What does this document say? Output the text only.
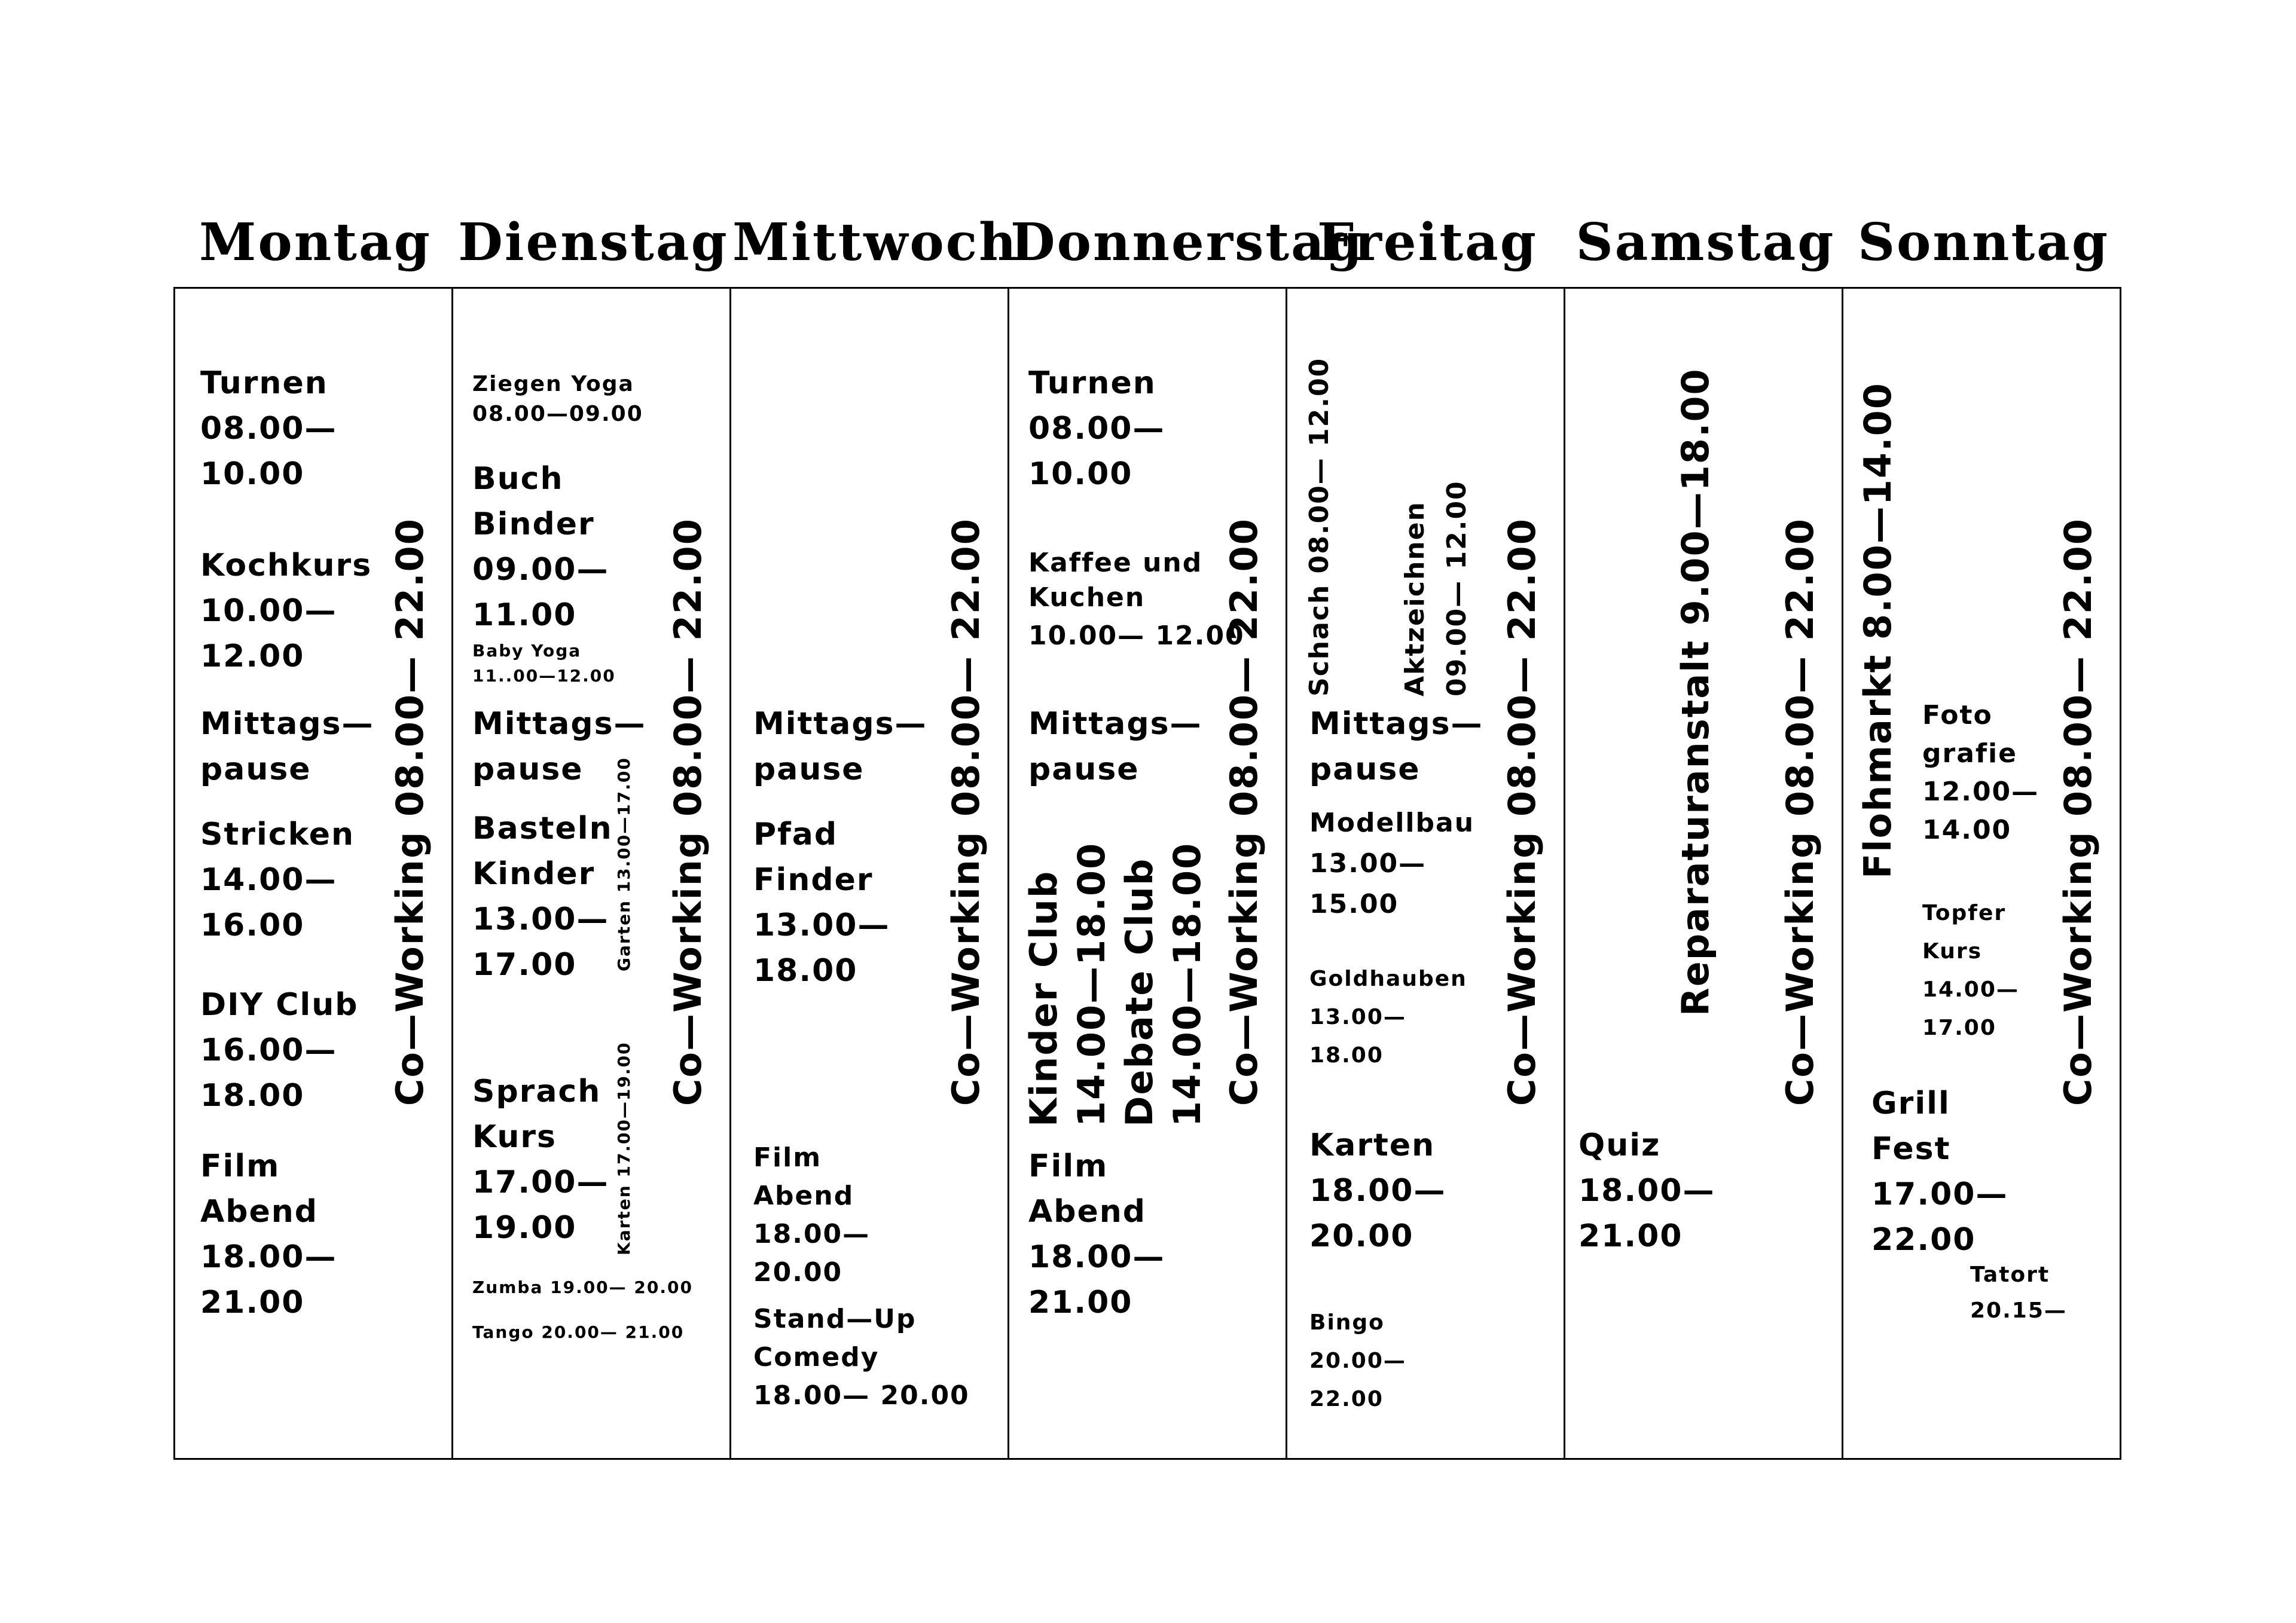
Montag Dienstag Mittwoch
Donnerstag
Freitag Samstag Sonntag
Turnen
08.00—
10.00
Kochkurs
10.00—
12.00
Mittags—
pause
Stricken
14.00—
16.00
DIY Club
16.00—
18.00
Film
Abend
18.00—
21.00
Co—Working 08.00— 22.00
Ziegen Yoga
08.00—09.00
Buch
Binder
09.00—
11.00
Baby Yoga
11..00—12.00
Mittags—
pause
Basteln
Kinder
13.00—
17.00	Garten 13.00—17.00
Karten 17.00—19.00
Sprach
Kurs
17.00—
19.00
Zumba 19.00— 20.00
Tango 20.00— 21.00
Co—Working 08.00— 22.00 Mittags—
pause
Pfad
Finder
13.00—
18.00
Film
Abend
18.00—
20.00
Stand—Up
Comedy
18.00— 20.00
Co—Working 08.00— 22.00
Turnen
08.00—
10.00
Kaffee und
Kuchen
10.00— 12.00
Mittags—
pause
Kinder Club 14.00—18.00 Debate Club 14.00—18.00
Film
Abend
18.00—
21.00
Co—Working 08.00— 22.00 Schach 08.00— 12.00 Aktzeichnen 09.00— 12.00
Mittags—
pause
Modellbau
13.00—
15.00
Goldhauben
13.00—
18.00
Karten
18.00—
20.00
Bingo
20.00—
22.00
Co—Working 08.00— 22.00	Reparaturanstalt 9.00—18.00
Quiz
18.00—
21.00
Co—Working 08.00— 22.00 Flohmarkt 8.00—14.00 Foto
grafie
12.00—
14.00
Topfer
Kurs
14.00—
17.00
Grill
Fest
17.00—
22.00
Tatort
20.15—
Co—Working 08.00— 22.00
